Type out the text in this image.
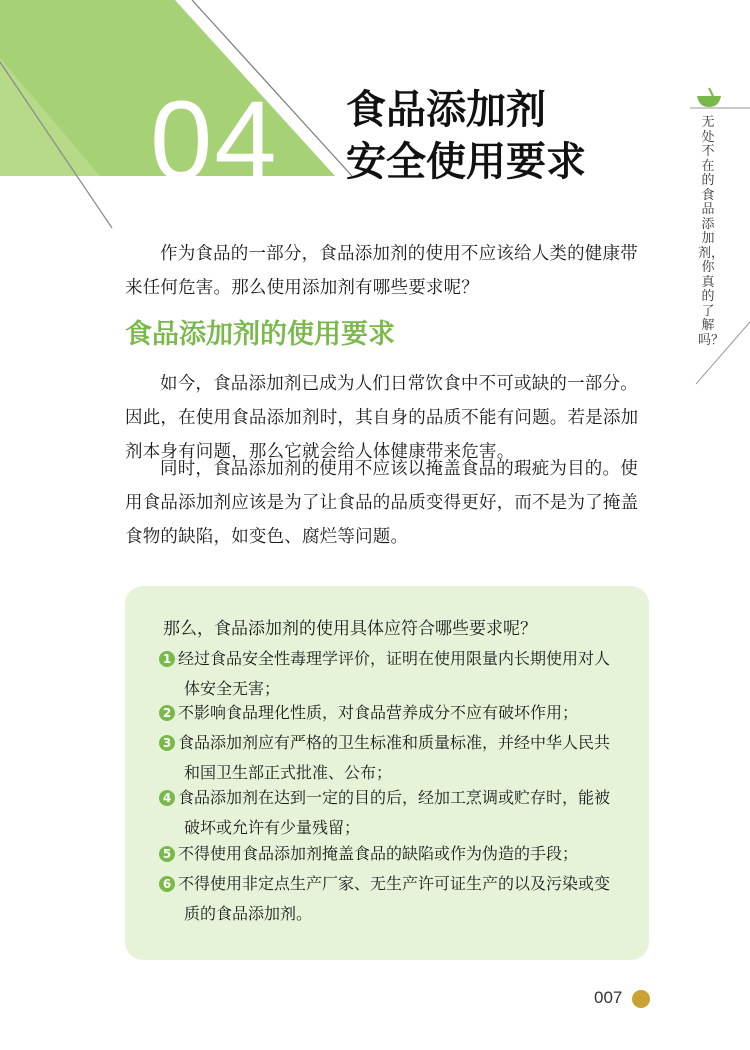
04 食品添加剂
安全使用要求
无处不在的食品添加剂，你真的了解吗？

作为食品的一部分，食品添加剂的使用不应该给人类的健康带来任何危害。那么使用添加剂有哪些要求呢？

食品添加剂的使用要求

如今，食品添加剂已成为人们日常饮食中不可或缺的一部分。因此，在使用食品添加剂时，其自身的品质不能有问题。若是添加剂本身有问题，那么它就会给人体健康带来危害。

同时，食品添加剂的使用不应该以掩盖食品的瑕疵为目的。使用食品添加剂应该是为了让食品的品质变得更好，而不是为了掩盖食物的缺陷，如变色、腐烂等问题。

那么，食品添加剂的使用具体应符合哪些要求呢？
1 经过食品安全性毒理学评价，证明在使用限量内长期使用对人
体安全无害；
2 不影响食品理化性质，对食品营养成分不应有破坏作用；
3 食品添加剂应有严格的卫生标准和质量标准，并经中华人民共
和国卫生部正式批准、公布；
4 食品添加剂在达到一定的目的后，经加工烹调或贮存时，能被
破坏或允许有少量残留；
5 不得使用食品添加剂掩盖食品的缺陷或作为伪造的手段；
6 不得使用非定点生产厂家、无生产许可证生产的以及污染或变
质的食品添加剂。
007
